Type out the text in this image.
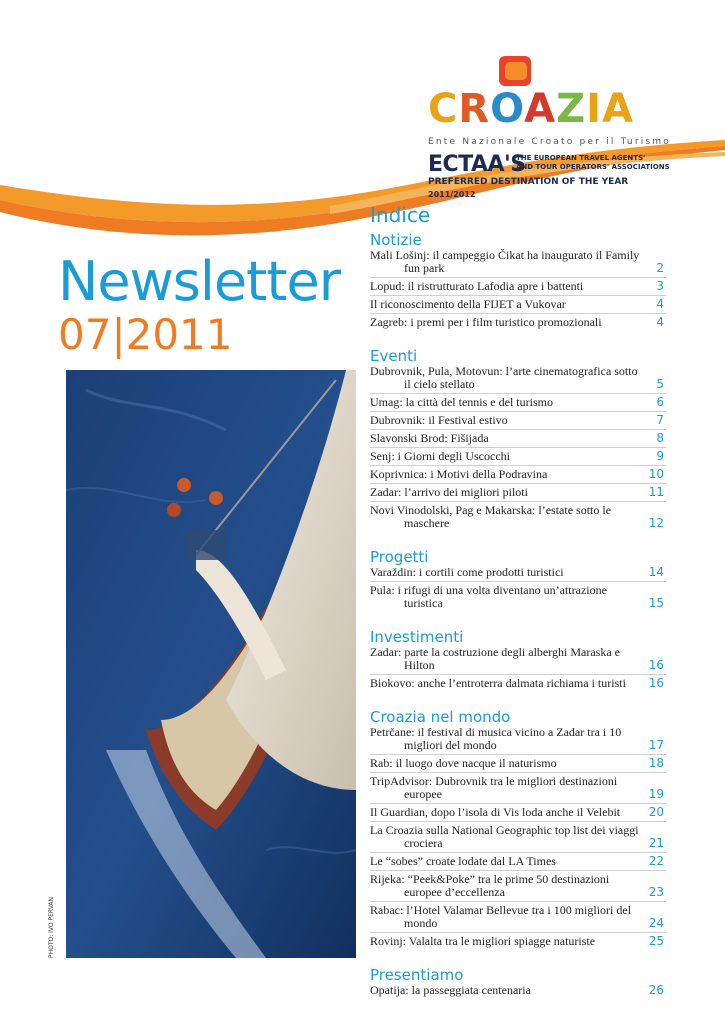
CROAZIA
Ente Nazionale Croato per il Turismo
ECTAA'S
THE EUROPEAN TRAVEL AGENTS'
AND TOUR OPERATORS' ASSOCIATIONS
PREFERRED DESTINATION OF THE YEAR
2011/2012
Newsletter
07|2011
PHOTO: IVO PERVAN
Indice
Notizie
Mali Lošinj: il campeggio Čikat ha inaugurato il Family fun park	2
Lopud: il ristrutturato Lafodia apre i battenti	3
Il riconoscimento della FIJET a Vukovar	4
Zagreb: i premi per i film turistico promozionali	4
Eventi
Dubrovnik, Pula, Motovun: l’arte cinematografica sotto il cielo stellato	5
Umag: la città del tennis e del turismo	6
Dubrovnik: il Festival estivo	7
Slavonski Brod: Fišijada	8
Senj: i Giorni degli Uscocchi	9
Koprivnica: i Motivi della Podravina	10
Zadar: l’arrivo dei migliori piloti	11
Novi Vinodolski, Pag e Makarska: l’estate sotto le maschere	12
Progetti
Varaždin: i cortili come prodotti turistici	14
Pula: i rifugi di una volta diventano un’attrazione turistica	15
Investimenti
Zadar: parte la costruzione degli alberghi Maraska e Hilton	16
Biokovo: anche l’entroterra dalmata richiama i turisti	16
Croazia nel mondo
Petrčane: il festival di musica vicino a Zadar tra i 10 migliori del mondo	17
Rab: il luogo dove nacque il naturismo	18
TripAdvisor: Dubrovnik tra le migliori destinazioni europee	19
Il Guardian, dopo l’isola di Vis loda anche il Velebit	20
La Croazia sulla National Geographic top list dei viaggi crociera	21
Le “sobes” croate lodate dal LA Times	22
Rijeka: “Peek&Poke” tra le prime 50 destinazioni europee d’eccellenza	23
Rabac: l’Hotel Valamar Bellevue tra i 100 migliori del mondo	24
Rovinj: Valalta tra le migliori spiagge naturiste	25
Presentiamo
Opatija: la passeggiata centenaria	26
